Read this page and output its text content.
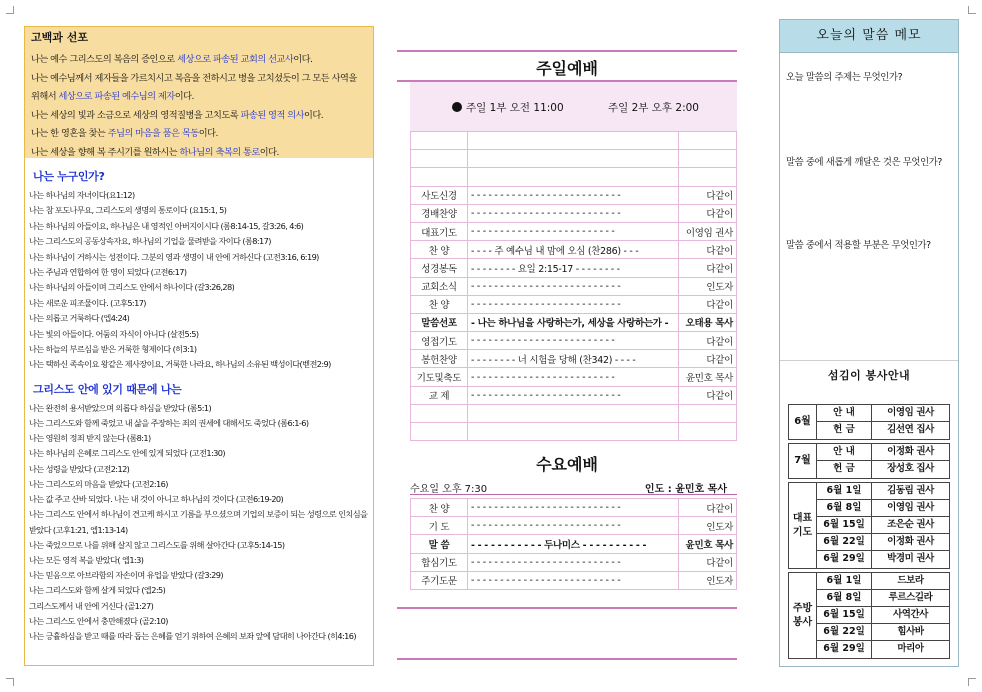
고백과 선포
나는 예수 그리스도의 복음의 증인으로 세상으로 파송된 교회의 선교사이다.
나는 예수님께서 제자들을 가르치시고 복음을 전하시고 병을 고치셨듯이 그 모든 사역을
위해서 세상으로 파송된 예수님의 제자이다.
나는 세상의 빛과 소금으로 세상의 영적질병을 고치도록 파송된 영적 의사이다.
나는 한 영혼을 찾는 주님의 마음을 품은 목동이다.
나는 세상을 향해 복 주시기를 원하시는 하나님의 축복의 통로이다.
나는 누구인가?
나는 하나님의 자녀이다(요1:12)
나는 참 포도나무요, 그리스도의 생명의 통로이다 (요15:1, 5)
나는 하나님의 아들이요, 하나님은 내 영적인 아버지이시다 (롬8:14-15, 갈3:26, 4:6)
나는 그리스도의 공동상속자요, 하나님의 기업을 물려받을 자이다 (롬8:17)
나는 하나님이 거하시는 성전이다. 그분의 영과 생명이 내 안에 거하신다 (고전3:16, 6:19)
나는 주님과 연합하여 한 영이 되었다 (고전6:17)
나는 하나님의 아들이며 그리스도 안에서 하나이다 (갈3:26,28)
나는 새로운 피조물이다. (고후5:17)
나는 의롭고 거룩하다 (엡4:24)
나는 빛의 아들이다. 어둠의 자식이 아니다 (살전5:5)
나는 하늘의 부르심을 받은 거룩한 형제이다 (히3:1)
나는 택하신 족속이요 왕같은 제사장이요, 거룩한 나라요, 하나님의 소유된 백성이다(벧전2:9)
그리스도 안에 있기 때문에 나는
나는 완전히 용서받았으며 의롭다 하심을 받았다 (롬5:1)
나는 그리스도와 함께 죽었고 내 삶을 주장하는 죄의 권세에 대해서도 죽었다 (롬6:1-6)
나는 영원히 정죄 받지 않는다 (롬8:1)
나는 하나님의 은혜로 그리스도 안에 있게 되었다 (고전1:30)
나는 성령을 받았다 (고전2:12)
나는 그리스도의 마음을 받았다 (고전2:16)
나는 값 주고 산바 되었다. 나는 내 것이 아니고 하나님의 것이다 (고전6:19-20)
나는 그리스도 안에서 하나님이 견고케 하시고 기름을 부으셨으며 기업의 보증이 되는 성령으로 인치심을 받았다 (고후1:21, 엡1:13-14)
나는 죽었으므로 나를 위해 살지 않고 그리스도를 위해 살아간다 (고후5:14-15)
나는 모든 영적 복을 받았다( 엡1:3)
나는 믿음으로 아브라함의 자손이며 유업을 받았다 (갈3:29)
나는 그리스도와 함께 살게 되었다 (엡2:5)
그리스도께서 내 안에 거신다 (골1:27)
나는 그리스도 안에서 충만해졌다 (골2:10)
나는 긍휼하심을 받고 때를 따라 돕는 은혜를 얻기 위하여 은혜의 보좌 앞에 담대히 나아간다 (히4:16)
주일예배
주일 1부 오전 11:00	주일 2부 오후 2:00

사도신경	- - - - - - - - - - - - - - - - - - - - - - - - - -	다같이
경배찬양	- - - - - - - - - - - - - - - - - - - - - - - - - -	다같이
대표기도	- - - - - - - - - - - - - - - - - - - - - - - - -	이영임 권사
찬 양	- - - - 주 예수님 내 맘에 오심 (찬286) - - -	다같이
성경봉독	- - - - - - - - 요일 2:15-17 - - - - - - - -	다같이
교회소식	- - - - - - - - - - - - - - - - - - - - - - - - - -	인도자
찬 양	- - - - - - - - - - - - - - - - - - - - - - - - - -	다같이
말씀선포	- 나는 하나님을 사랑하는가, 세상을 사랑하는가 -	오태용 목사
영접기도	- - - - - - - - - - - - - - - - - - - - - - - - -	다같이
봉헌찬양	- - - - - - - - 너 시험을 당해 (찬342) - - - -	다같이
기도및축도	- - - - - - - - - - - - - - - - - - - - - - - - -	윤민호 목사
교 제	- - - - - - - - - - - - - - - - - - - - - - - - - -	다같이

수요예배
수요일 오후 7:30	인도 : 윤민호 목사
찬 양	- - - - - - - - - - - - - - - - - - - - - - - - - -	다같이
기 도	- - - - - - - - - - - - - - - - - - - - - - - - - -	인도자
말 씀	- - - - - - - - - - - 두나미스 - - - - - - - - - -	윤민호 목사
합심기도	- - - - - - - - - - - - - - - - - - - - - - - - - -	다같이
주기도문	- - - - - - - - - - - - - - - - - - - - - - - - - -	인도자
오늘의 말씀 메모
오늘 말씀의 주제는 무엇인가?
말씀 중에 새롭게 깨달은 것은 무엇인가?
말씀 중에서 적용할 부분은 무엇인가?
섬김이 봉사안내
6월
안 내	이영임 권사
헌 금	김선연 집사
7월
안 내	이정화 권사
헌 금	장성호 집사
대표
기도
6월 1일	김동림 권사
6월 8일	이영임 권사
6월 15일	조은순 권사
6월 22일	이정화 권사
6월 29일	박경미 권사
주방
봉사
6월 1일	드보라
6월 8일	루르스길라
6월 15일	사역간사
6월 22일	힘사바
6월 29일	마리아
